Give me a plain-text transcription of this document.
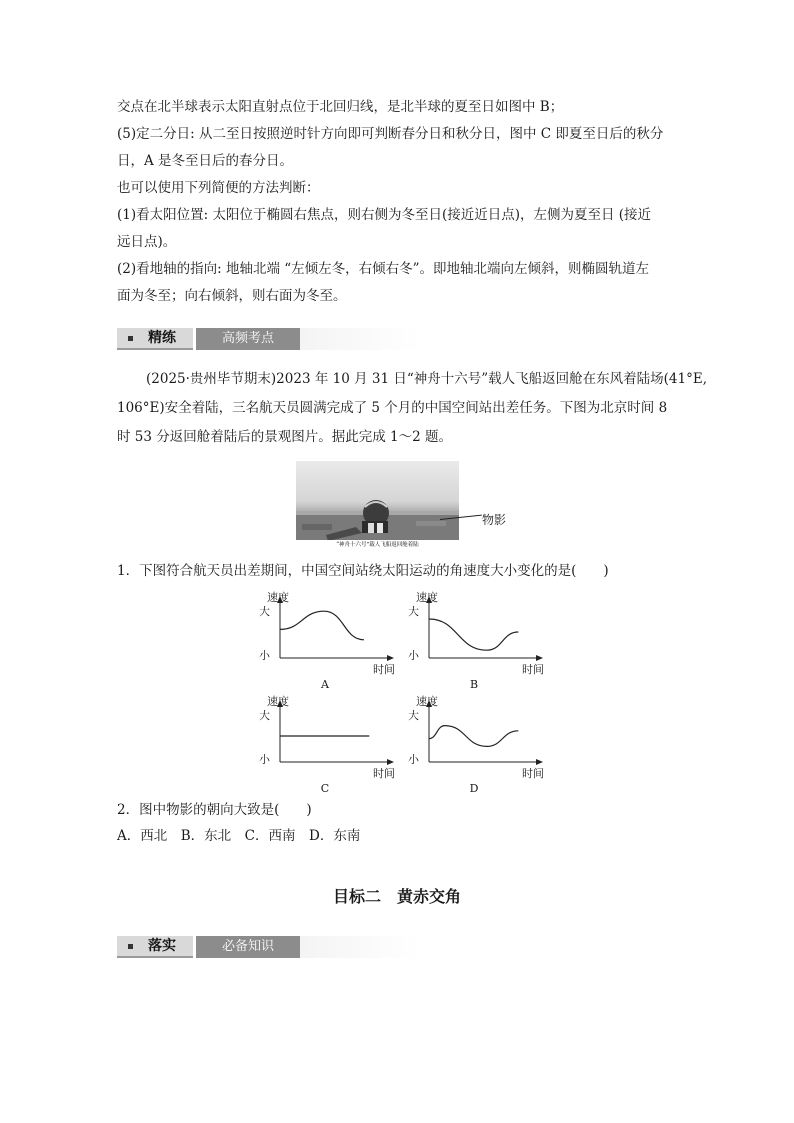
交点在北半球表示太阳直射点位于北回归线，是北半球的夏至日如图中 B；
(5)定二分日: 从二至日按照逆时针方向即可判断春分日和秋分日，图中 C 即夏至日后的秋分
日，A 是冬至日后的春分日。
也可以使用下列简便的方法判断：
(1)看太阳位置: 太阳位于椭圆右焦点，则右侧为冬至日(接近近日点)，左侧为夏至日 (接近
远日点)。
(2)看地轴的指向: 地轴北端 “左倾左冬，右倾右冬”。即地轴北端向左倾斜，则椭圆轨道左
面为冬至；向右倾斜，则右面为冬至。
精练	高频考点
(2025·贵州毕节期末)2023 年 10 月 31 日“神舟十六号”载人飞船返回舱在东风着陆场(41°E,
106°E)安全着陆，三名航天员圆满完成了 5 个月的中国空间站出差任务。下图为北京时间 8
时 53 分返回舱着陆后的景观图片。据此完成 1～2 题。
“神舟十六号”载人飞船返回舱着陆
物影
1．下图符合航天员出差期间，中国空间站绕太阳运动的角速度大小变化的是(　　)
速度
大
小
时间
A
速度
大
小
时间
B
速度
大
小
时间
C
速度
大
小
时间
D
2．图中物影的朝向大致是(　　)
A．西北　B．东北　C．西南　D．东南
目标二　黄赤交角
落实	必备知识
